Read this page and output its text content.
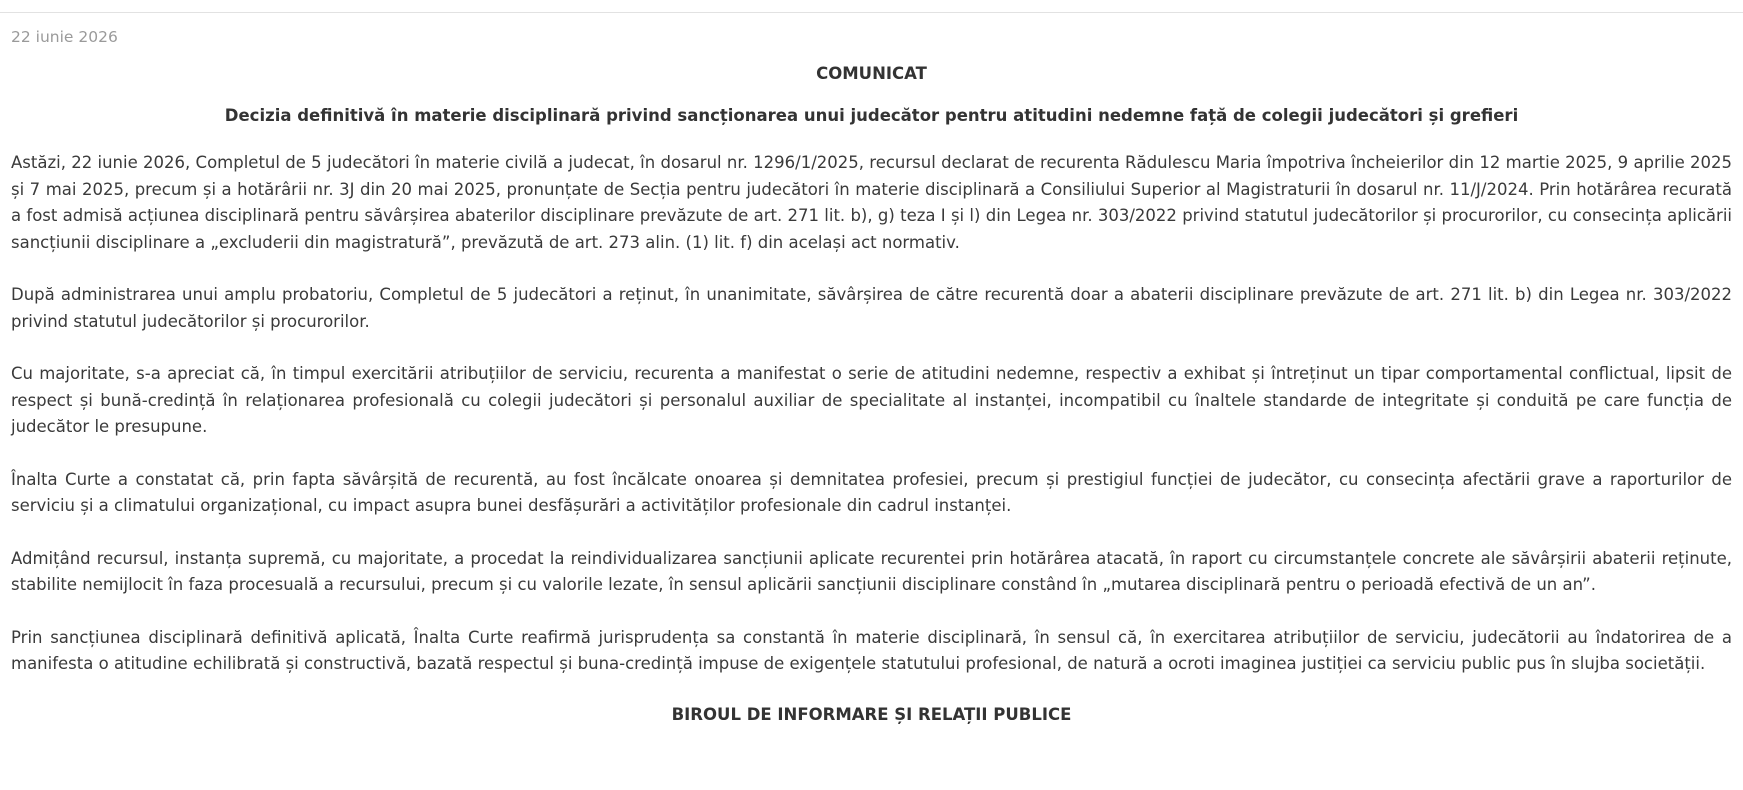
22 iunie 2026
COMUNICAT
Decizia definitivă în materie disciplinară privind sancționarea unui judecător pentru atitudini nedemne față de colegii judecători și grefieri

Astăzi, 22 iunie 2026, Completul de 5 judecători în materie civilă a judecat, în dosarul nr. 1296/1/2025, recursul declarat de recurenta Rădulescu Maria împotriva încheierilor din 12 martie 2025, 9 aprilie 2025 și 7 mai 2025, precum și a hotărârii nr. 3J din 20 mai 2025, pronunțate de Secția pentru judecători în materie disciplinară a Consiliului Superior al Magistraturii în dosarul nr. 11/J/2024. Prin hotărârea recurată a fost admisă acțiunea disciplinară pentru săvârșirea abaterilor disciplinare prevăzute de art. 271 lit. b), g) teza I și l) din Legea nr. 303/2022 privind statutul judecătorilor și procurorilor, cu consecința aplicării sancțiunii disciplinare a „excluderii din magistratură”, prevăzută de art. 273 alin. (1) lit. f) din același act normativ.

După administrarea unui amplu probatoriu, Completul de 5 judecători a reținut, în unanimitate, săvârșirea de către recurentă doar a abaterii disciplinare prevăzute de art. 271 lit. b) din Legea nr. 303/2022 privind statutul judecătorilor și procurorilor.

Cu majoritate, s-a apreciat că, în timpul exercitării atribuțiilor de serviciu, recurenta a manifestat o serie de atitudini nedemne, respectiv a exhibat și întreținut un tipar comportamental conflictual, lipsit de respect și bună-credință în relaționarea profesională cu colegii judecători și personalul auxiliar de specialitate al instanței, incompatibil cu înaltele standarde de integritate și conduită pe care funcția de judecător le presupune.

Înalta Curte a constatat că, prin fapta săvârșită de recurentă, au fost încălcate onoarea și demnitatea profesiei, precum și prestigiul funcției de judecător, cu consecința afectării grave a raporturilor de serviciu și a climatului organizațional, cu impact asupra bunei desfășurări a activităților profesionale din cadrul instanței.

Admițând recursul, instanța supremă, cu majoritate, a procedat la reindividualizarea sancțiunii aplicate recurentei prin hotărârea atacată, în raport cu circumstanțele concrete ale săvârșirii abaterii reținute, stabilite nemijlocit în faza procesuală a recursului, precum și cu valorile lezate, în sensul aplicării sancțiunii disciplinare constând în „mutarea disciplinară pentru o perioadă efectivă de un an”.

Prin sancțiunea disciplinară definitivă aplicată, Înalta Curte reafirmă jurisprudența sa constantă în materie disciplinară, în sensul că, în exercitarea atribuțiilor de serviciu, judecătorii au îndatorirea de a manifesta o atitudine echilibrată și constructivă, bazată respectul și buna-credință impuse de exigențele statutului profesional, de natură a ocroti imaginea justiției ca serviciu public pus în slujba societății.

BIROUL DE INFORMARE ȘI RELAȚII PUBLICE
